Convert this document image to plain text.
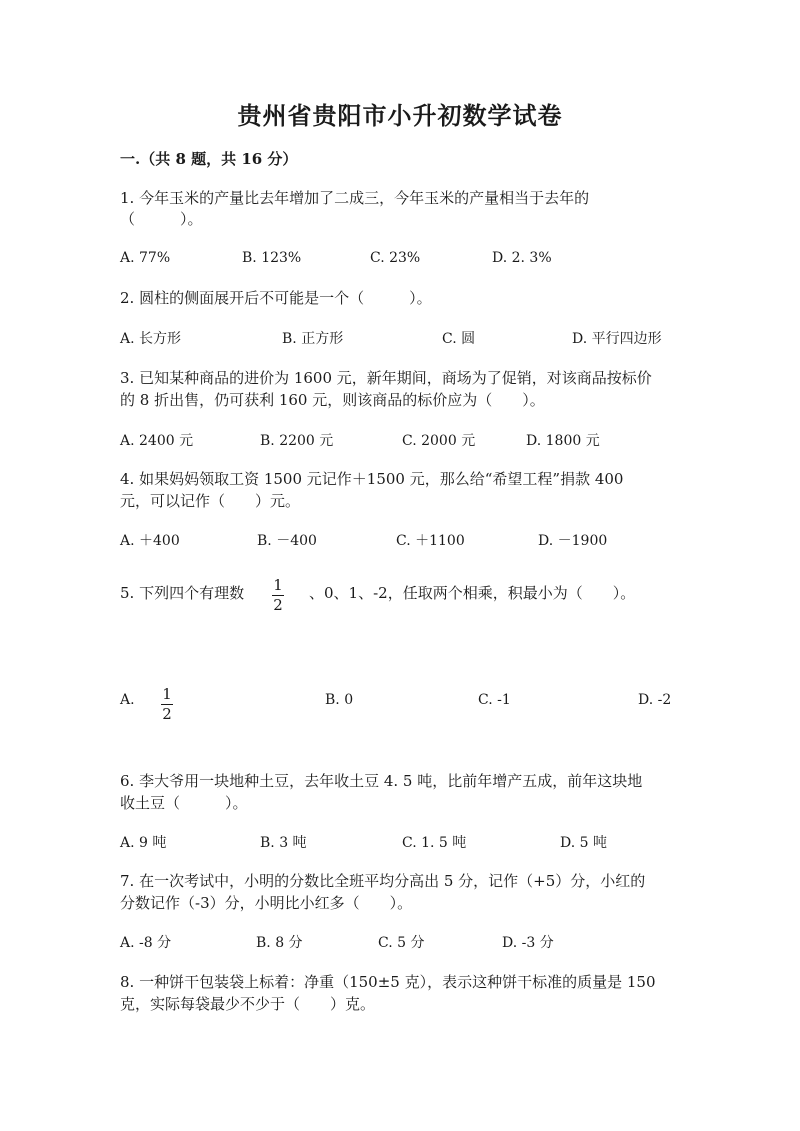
贵州省贵阳市小升初数学试卷
一.（共 8 题，共 16 分）
1. 今年玉米的产量比去年增加了二成三，今年玉米的产量相当于去年的
（　　　）。
A. 77%	B. 123%	C. 23%	D. 2. 3%
2. 圆柱的侧面展开后不可能是一个（　　　）。
A. 长方形	B. 正方形	C. 圆	D. 平行四边形
3. 已知某种商品的进价为 1600 元，新年期间，商场为了促销，对该商品按标价
的 8 折出售，仍可获利 160 元，则该商品的标价应为（　　）。
A. 2400 元	B. 2200 元	C. 2000 元	D. 1800 元
4. 如果妈妈领取工资 1500 元记作＋1500 元，那么给“希望工程”捐款 400
元，可以记作（　　）元。
A. ＋400	B. －400	C. ＋1100	D. －1900
5. 下列四个有理数 1
2
、0、1、-2，任取两个相乘，积最小为（　　）。
A. 1
2
B. 0	C. -1	D. -2
6. 李大爷用一块地种土豆，去年收土豆 4. 5 吨，比前年增产五成，前年这块地
收土豆（　　　）。
A. 9 吨	B. 3 吨	C. 1. 5 吨	D. 5 吨
7. 在一次考试中，小明的分数比全班平均分高出 5 分，记作（+5）分，小红的
分数记作（-3）分，小明比小红多（　　）。
A. -8 分	B. 8 分	C. 5 分	D. -3 分
8. 一种饼干包装袋上标着：净重（150±5 克），表示这种饼干标准的质量是 150
克，实际每袋最少不少于（　　）克。
